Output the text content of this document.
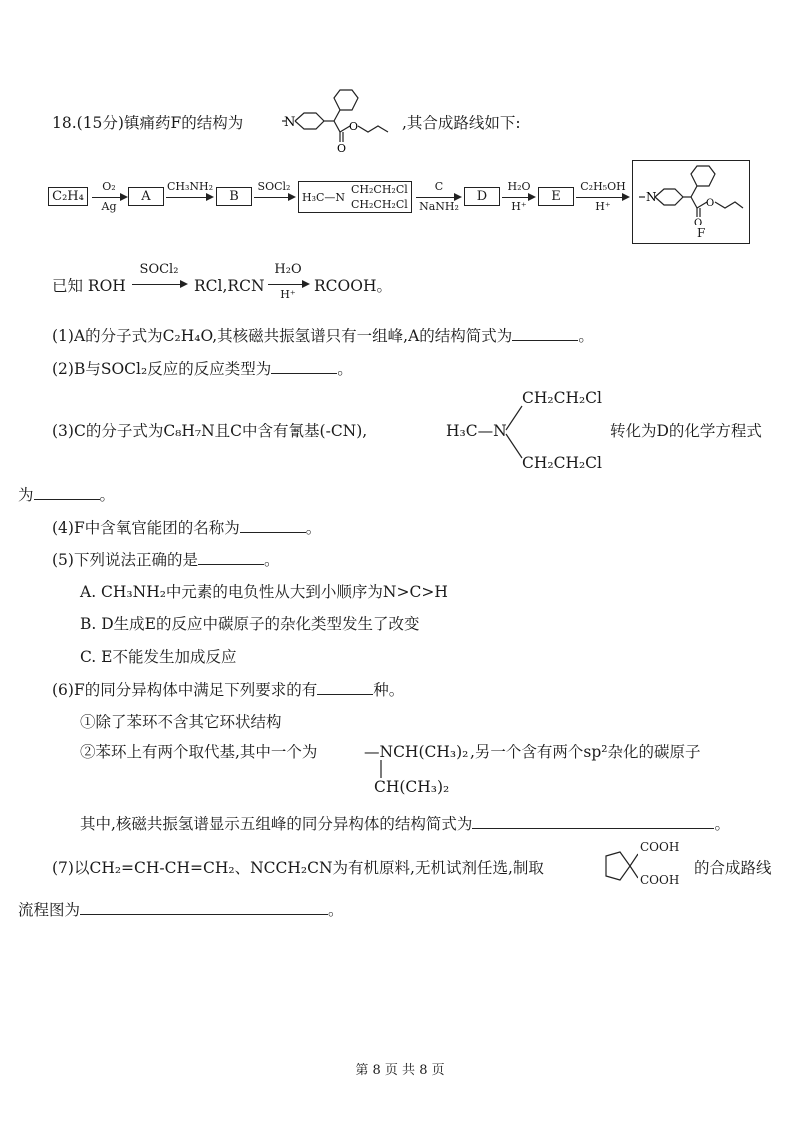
18.(15分)镇痛药F的结构为	N
O
O	,其合成路线如下:
C₂H₄
O₂
Ag
A
CH₃NH₂
B
SOCl₂
H₃C—N
CH₂CH₂Cl
CH₂CH₂Cl
C
NaNH₂
D
H₂O
H⁺
E
C₂H₅OH
H⁺
N
O
O
F
已知 ROH
SOCl₂
RCl,RCN
H₂O
H⁺	RCOOH。
(1)A的分子式为C₂H₄O,其核磁共振氢谱只有一组峰,A的结构简式为	。
(2)B与SOCl₂反应的反应类型为	。
(3)C的分子式为C₈H₇N且C中含有氰基(-CN),	H₃C—N
CH₂CH₂Cl
CH₂CH₂Cl
转化为D的化学方程式
为	。
(4)F中含氧官能团的名称为	。
(5)下列说法正确的是	。
A. CH₃NH₂中元素的电负性从大到小顺序为N>C>H
B. D生成E的反应中碳原子的杂化类型发生了改变
C. E不能发生加成反应
(6)F的同分异构体中满足下列要求的有	种。
①除了苯环不含其它环状结构
②苯环上有两个取代基,其中一个为	—NCH(CH₃)₂
CH(CH₃)₂
,另一个含有两个sp²杂化的碳原子
其中,核磁共振氢谱显示五组峰的同分异构体的结构简式为	。
(7)以CH₂=CH-CH=CH₂、NCCH₂CN为有机原料,无机试剂任选,制取
COOH
COOH
的合成路线
流程图为	。
第 8 页 共 8 页
